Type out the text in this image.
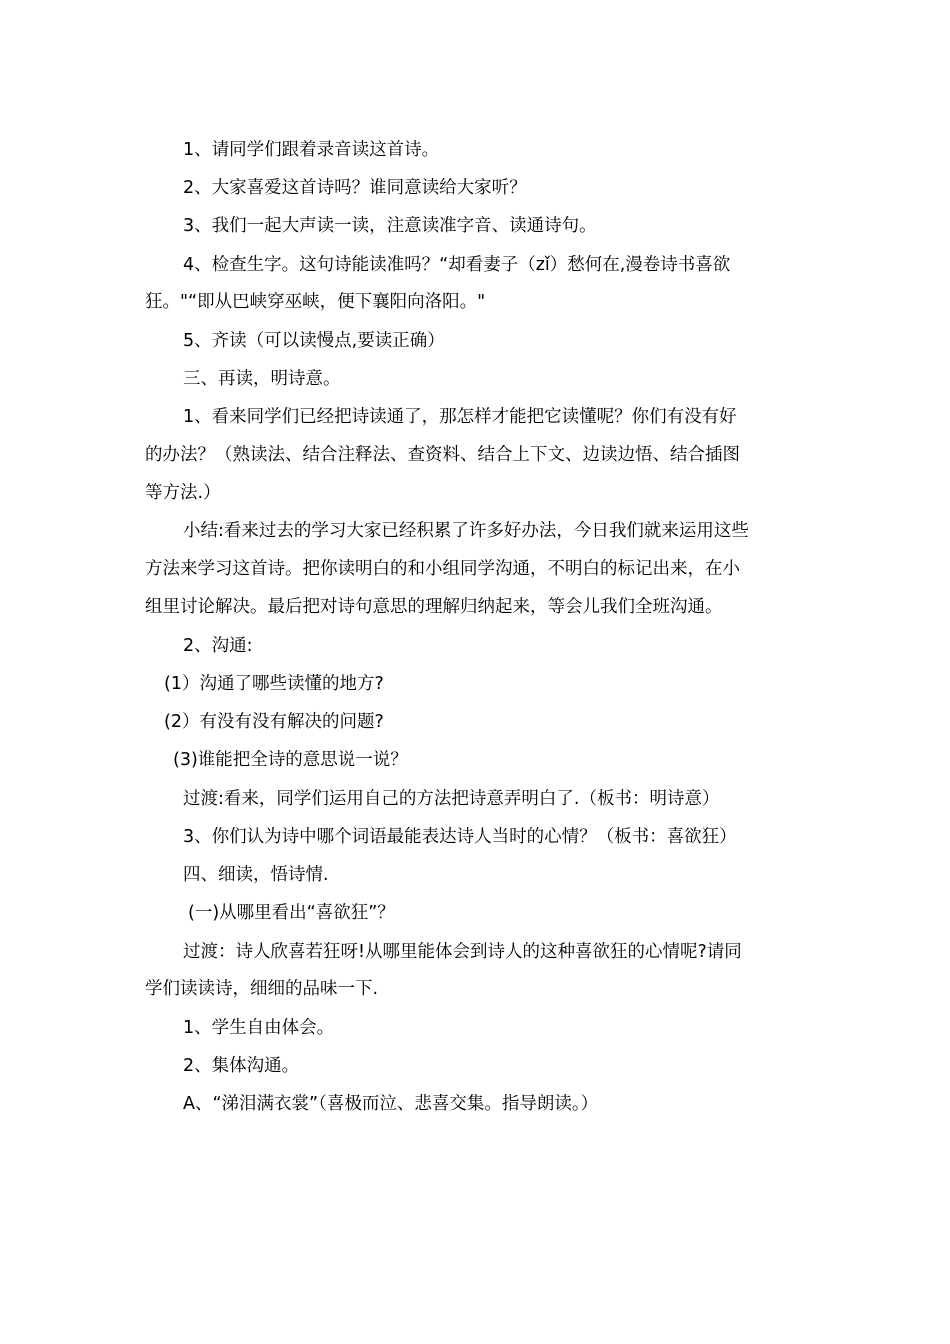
1、请同学们跟着录音读这首诗。
2、大家喜爱这首诗吗？谁同意读给大家听？
3、我们一起大声读一读，注意读准字音、读通诗句。
4、检查生字。这句诗能读准吗？“却看妻子（zǐ）愁何在,漫卷诗书喜欲
狂。"“即从巴峡穿巫峡，便下襄阳向洛阳。"
5、齐读（可以读慢点,要读正确）
三、再读，明诗意。
1、看来同学们已经把诗读通了，那怎样才能把它读懂呢？你们有没有好
的办法？（熟读法、结合注释法、查资料、结合上下文、边读边悟、结合插图
等方法.）
小结:看来过去的学习大家已经积累了许多好办法，今日我们就来运用这些
方法来学习这首诗。把你读明白的和小组同学沟通，不明白的标记出来，在小
组里讨论解决。最后把对诗句意思的理解归纳起来，等会儿我们全班沟通。
2、沟通:
(1）沟通了哪些读懂的地方?
(2）有没有没有解决的问题?
(3)谁能把全诗的意思说一说？
过渡:看来，同学们运用自己的方法把诗意弄明白了.（板书：明诗意）
3、你们认为诗中哪个词语最能表达诗人当时的心情？（板书：喜欲狂）
四、细读，悟诗情.
(一)从哪里看出“喜欲狂”？
过渡：诗人欣喜若狂呀!从哪里能体会到诗人的这种喜欲狂的心情呢?请同
学们读读诗，细细的品味一下.
1、学生自由体会。
2、集体沟通。
A、“涕泪满衣裳”（喜极而泣、悲喜交集。指导朗读。）
